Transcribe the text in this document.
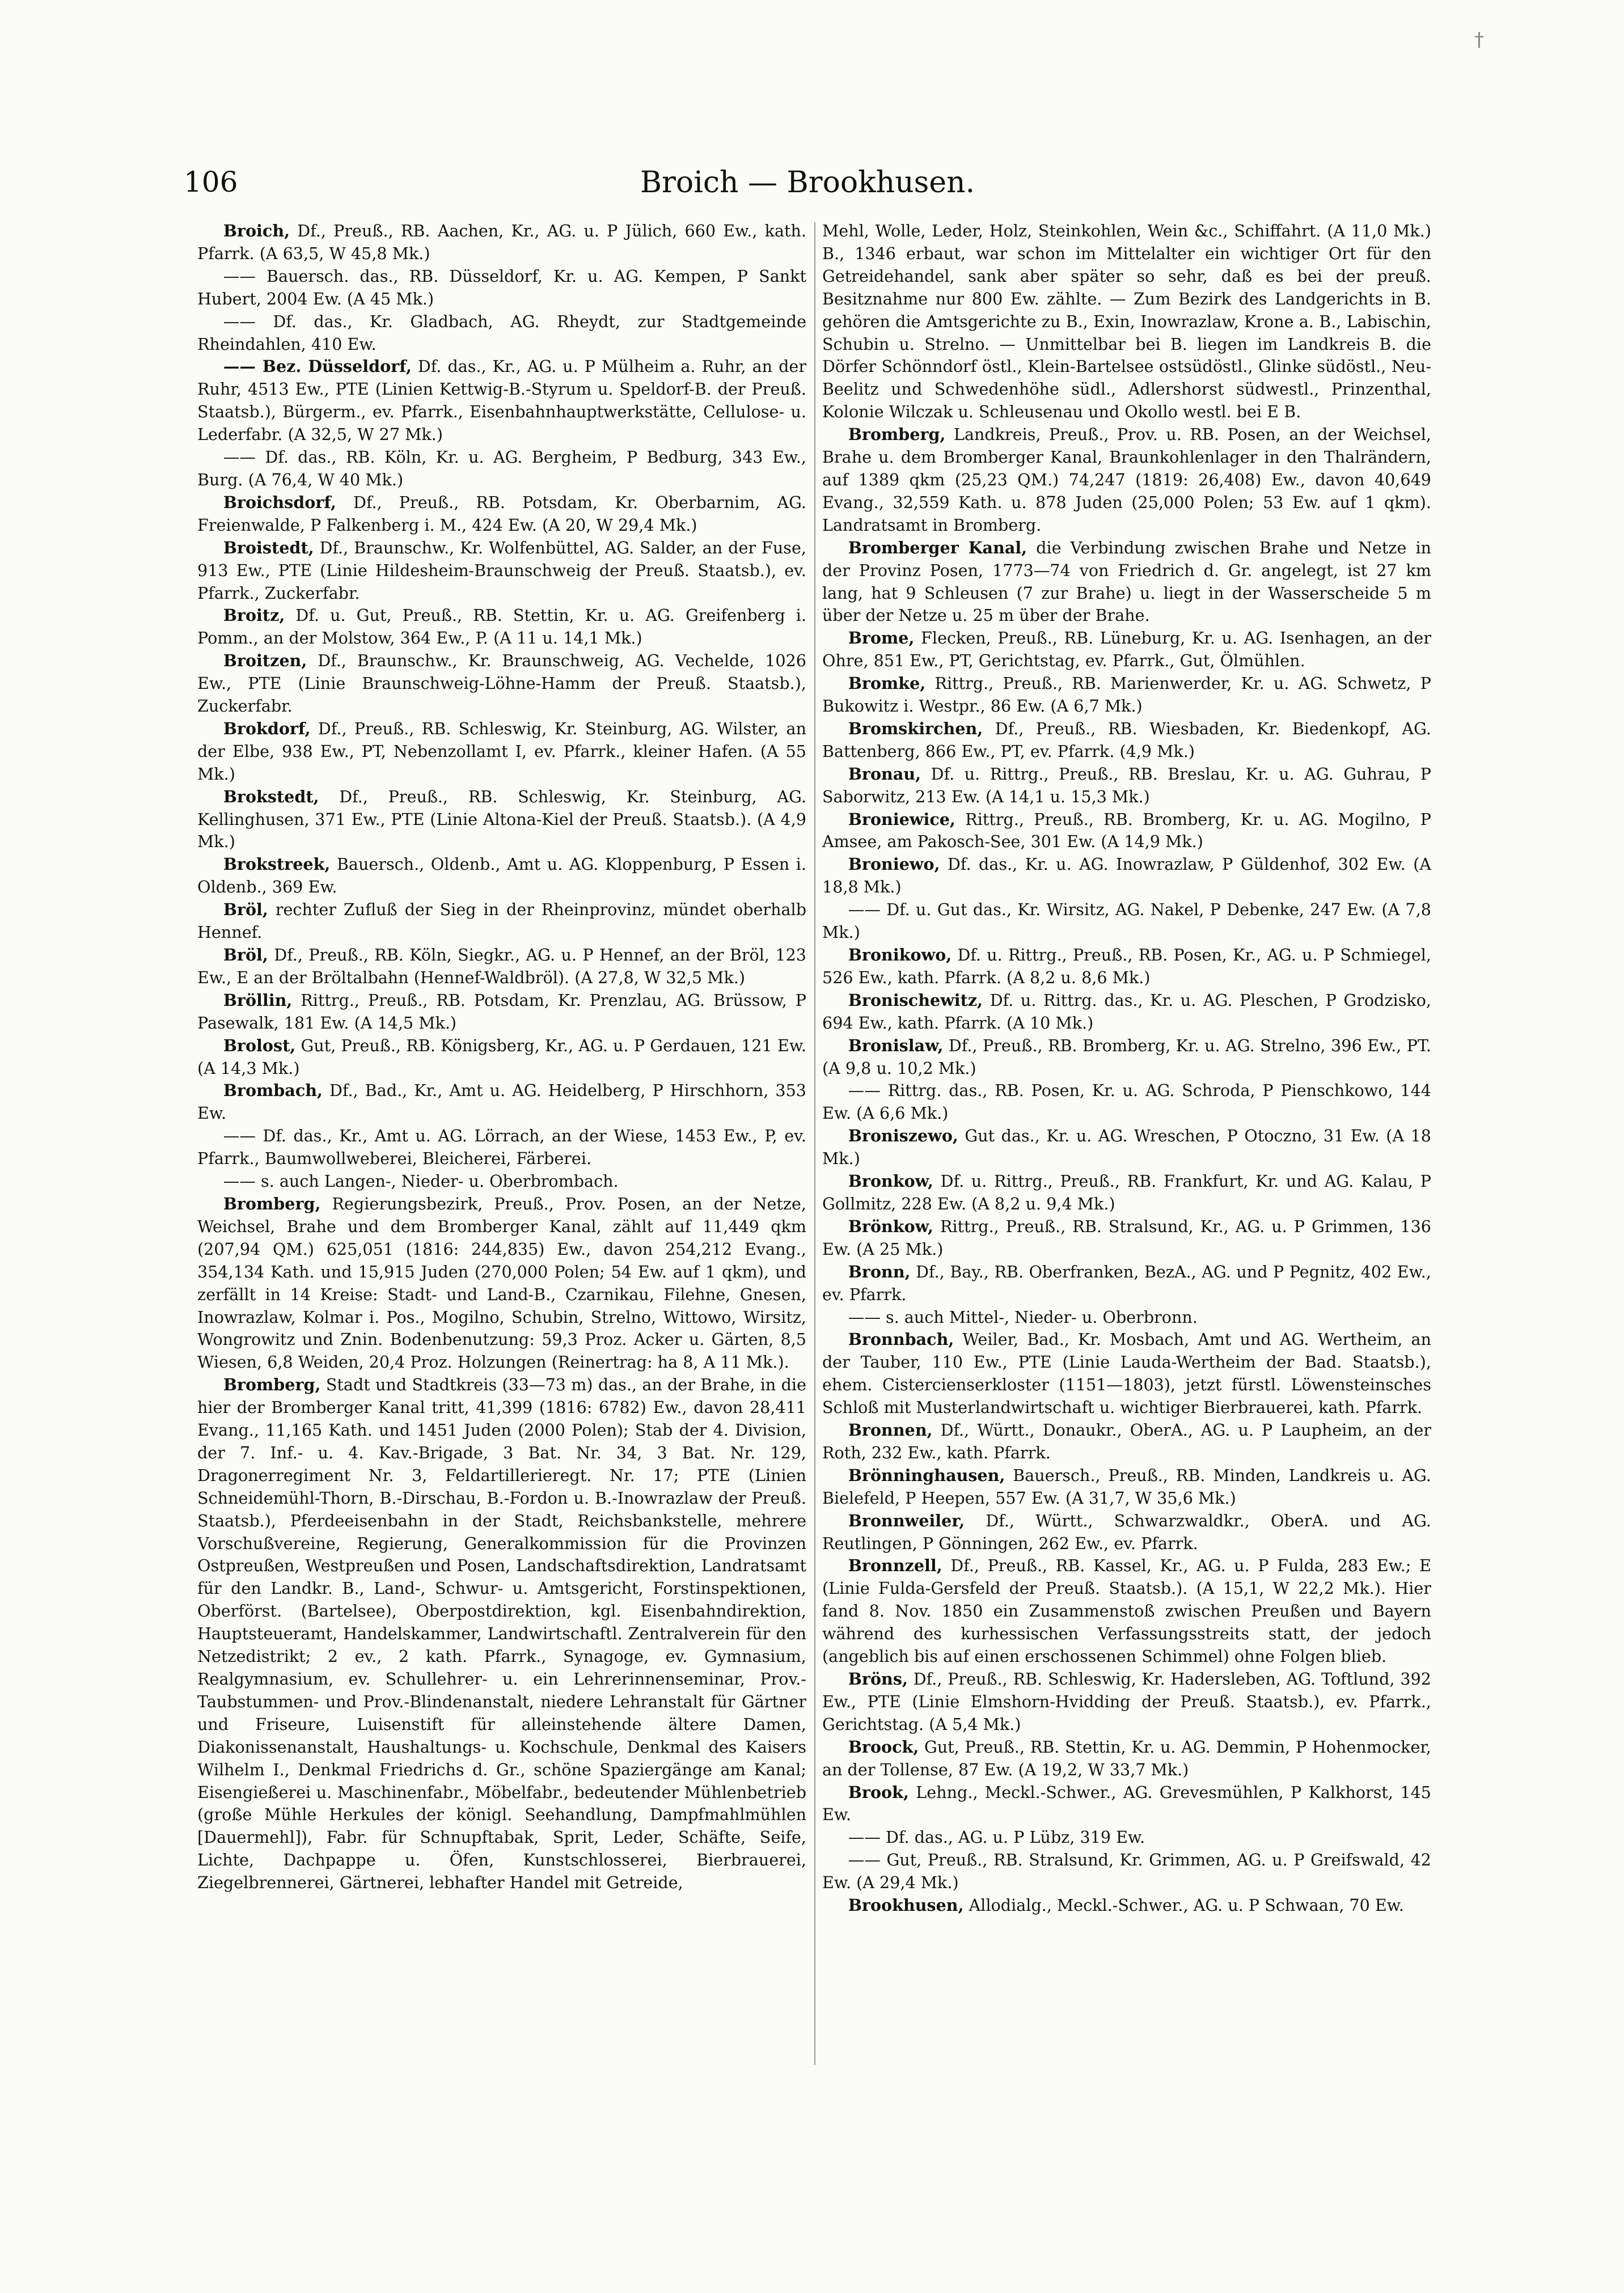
†
106	Broich — Brookhusen.

Broich, Df., Preuß., RB. Aachen, Kr., AG. u. P Jülich, 660 Ew., kath. Pfarrk. (A 63,5, W 45,8 Mk.)

—— Bauersch. das., RB. Düsseldorf, Kr. u. AG. Kempen, P Sankt Hubert, 2004 Ew. (A 45 Mk.)

—— Df. das., Kr. Gladbach, AG. Rheydt, zur Stadtgemeinde Rheindahlen, 410 Ew.

—— Bez. Düsseldorf, Df. das., Kr., AG. u. P Mülheim a. Ruhr, an der Ruhr, 4513 Ew., PTE (Linien Kettwig-B.-Styrum u. Speldorf-B. der Preuß. Staatsb.), Bürgerm., ev. Pfarrk., Eisenbahnhauptwerkstätte, Cellulose- u. Lederfabr. (A 32,5, W 27 Mk.)

—— Df. das., RB. Köln, Kr. u. AG. Bergheim, P Bedburg, 343 Ew., Burg. (A 76,4, W 40 Mk.)

Broichsdorf, Df., Preuß., RB. Potsdam, Kr. Oberbarnim, AG. Freienwalde, P Falkenberg i. M., 424 Ew. (A 20, W 29,4 Mk.)

Broistedt, Df., Braunschw., Kr. Wolfenbüttel, AG. Salder, an der Fuse, 913 Ew., PTE (Linie Hildesheim-Braunschweig der Preuß. Staatsb.), ev. Pfarrk., Zuckerfabr.

Broitz, Df. u. Gut, Preuß., RB. Stettin, Kr. u. AG. Greifenberg i. Pomm., an der Molstow, 364 Ew., P. (A 11 u. 14,1 Mk.)

Broitzen, Df., Braunschw., Kr. Braunschweig, AG. Vechelde, 1026 Ew., PTE (Linie Braunschweig-Löhne-Hamm der Preuß. Staatsb.), Zuckerfabr.

Brokdorf, Df., Preuß., RB. Schleswig, Kr. Steinburg, AG. Wilster, an der Elbe, 938 Ew., PT, Nebenzollamt I, ev. Pfarrk., kleiner Hafen. (A 55 Mk.)

Brokstedt, Df., Preuß., RB. Schleswig, Kr. Steinburg, AG. Kellinghusen, 371 Ew., PTE (Linie Altona-Kiel der Preuß. Staatsb.). (A 4,9 Mk.)

Brokstreek, Bauersch., Oldenb., Amt u. AG. Kloppenburg, P Essen i. Oldenb., 369 Ew.

Bröl, rechter Zufluß der Sieg in der Rheinprovinz, mündet oberhalb Hennef.

Bröl, Df., Preuß., RB. Köln, Siegkr., AG. u. P Hennef, an der Bröl, 123 Ew., E an der Bröltalbahn (Hennef-Waldbröl). (A 27,8, W 32,5 Mk.)

Bröllin, Rittrg., Preuß., RB. Potsdam, Kr. Prenzlau, AG. Brüssow, P Pasewalk, 181 Ew. (A 14,5 Mk.)

Brolost, Gut, Preuß., RB. Königsberg, Kr., AG. u. P Gerdauen, 121 Ew. (A 14,3 Mk.)

Brombach, Df., Bad., Kr., Amt u. AG. Heidelberg, P Hirschhorn, 353 Ew.

—— Df. das., Kr., Amt u. AG. Lörrach, an der Wiese, 1453 Ew., P, ev. Pfarrk., Baumwollweberei, Bleicherei, Färberei.

—— s. auch Langen-, Nieder- u. Oberbrombach.

Bromberg, Regierungsbezirk, Preuß., Prov. Posen, an der Netze, Weichsel, Brahe und dem Bromberger Kanal, zählt auf 11,449 qkm (207,94 QM.) 625,051 (1816: 244,835) Ew., davon 254,212 Evang., 354,134 Kath. und 15,915 Juden (270,000 Polen; 54 Ew. auf 1 qkm), und zerfällt in 14 Kreise: Stadt- und Land-B., Czarnikau, Filehne, Gnesen, Inowrazlaw, Kolmar i. Pos., Mogilno, Schubin, Strelno, Wittowo, Wirsitz, Wongrowitz und Znin. Bodenbenutzung: 59,3 Proz. Acker u. Gärten, 8,5 Wiesen, 6,8 Weiden, 20,4 Proz. Holzungen (Reinertrag: ha 8, A 11 Mk.).

Bromberg, Stadt und Stadtkreis (33—73 m) das., an der Brahe, in die hier der Bromberger Kanal tritt, 41,399 (1816: 6782) Ew., davon 28,411 Evang., 11,165 Kath. und 1451 Juden (2000 Polen); Stab der 4. Division, der 7. Inf.- u. 4. Kav.-Brigade, 3 Bat. Nr. 34, 3 Bat. Nr. 129, Dragonerregiment Nr. 3, Feldartillerieregt. Nr. 17; PTE (Linien Schneidemühl-Thorn, B.-Dirschau, B.-Fordon u. B.-Inowrazlaw der Preuß. Staatsb.), Pferdeeisenbahn in der Stadt, Reichsbankstelle, mehrere Vorschußvereine, Regierung, Generalkommission für die Provinzen Ostpreußen, Westpreußen und Posen, Landschaftsdirektion, Landratsamt für den Landkr. B., Land-, Schwur- u. Amtsgericht, Forstinspektionen, Oberförst. (Bartelsee), Oberpostdirektion, kgl. Eisenbahndirektion, Hauptsteueramt, Handelskammer, Landwirtschaftl. Zentralverein für den Netzedistrikt; 2 ev., 2 kath. Pfarrk., Synagoge, ev. Gymnasium, Realgymnasium, ev. Schullehrer- u. ein Lehrerinnenseminar, Prov.-Taubstummen- und Prov.-Blindenanstalt, niedere Lehranstalt für Gärtner und Friseure, Luisenstift für alleinstehende ältere Damen, Diakonissenanstalt, Haushaltungs- u. Kochschule, Denkmal des Kaisers Wilhelm I., Denkmal Friedrichs d. Gr., schöne Spaziergänge am Kanal; Eisengießerei u. Maschinenfabr., Möbelfabr., bedeutender Mühlenbetrieb (große Mühle Herkules der königl. Seehandlung, Dampfmahlmühlen [Dauermehl]), Fabr. für Schnupftabak, Sprit, Leder, Schäfte, Seife, Lichte, Dachpappe u. Öfen, Kunstschlosserei, Bierbrauerei, Ziegelbrennerei, Gärtnerei, lebhafter Handel mit Getreide,

Mehl, Wolle, Leder, Holz, Steinkohlen, Wein &c., Schiffahrt. (A 11,0 Mk.) B., 1346 erbaut, war schon im Mittelalter ein wichtiger Ort für den Getreidehandel, sank aber später so sehr, daß es bei der preuß. Besitznahme nur 800 Ew. zählte. — Zum Bezirk des Landgerichts in B. gehören die Amtsgerichte zu B., Exin, Inowrazlaw, Krone a. B., Labischin, Schubin u. Strelno. — Unmittelbar bei B. liegen im Landkreis B. die Dörfer Schönndorf östl., Klein-Bartelsee ostsüdöstl., Glinke südöstl., Neu-Beelitz und Schwedenhöhe südl., Adlershorst südwestl., Prinzenthal, Kolonie Wilczak u. Schleusenau und Okollo westl. bei E B.

Bromberg, Landkreis, Preuß., Prov. u. RB. Posen, an der Weichsel, Brahe u. dem Bromberger Kanal, Braunkohlenlager in den Thalrändern, auf 1389 qkm (25,23 QM.) 74,247 (1819: 26,408) Ew., davon 40,649 Evang., 32,559 Kath. u. 878 Juden (25,000 Polen; 53 Ew. auf 1 qkm). Landratsamt in Bromberg.

Bromberger Kanal, die Verbindung zwischen Brahe und Netze in der Provinz Posen, 1773—74 von Friedrich d. Gr. angelegt, ist 27 km lang, hat 9 Schleusen (7 zur Brahe) u. liegt in der Wasserscheide 5 m über der Netze u. 25 m über der Brahe.

Brome, Flecken, Preuß., RB. Lüneburg, Kr. u. AG. Isenhagen, an der Ohre, 851 Ew., PT, Gerichtstag, ev. Pfarrk., Gut, Ölmühlen.

Bromke, Rittrg., Preuß., RB. Marienwerder, Kr. u. AG. Schwetz, P Bukowitz i. Westpr., 86 Ew. (A 6,7 Mk.)

Bromskirchen, Df., Preuß., RB. Wiesbaden, Kr. Biedenkopf, AG. Battenberg, 866 Ew., PT, ev. Pfarrk. (4,9 Mk.)

Bronau, Df. u. Rittrg., Preuß., RB. Breslau, Kr. u. AG. Guhrau, P Saborwitz, 213 Ew. (A 14,1 u. 15,3 Mk.)

Broniewice, Rittrg., Preuß., RB. Bromberg, Kr. u. AG. Mogilno, P Amsee, am Pakosch-See, 301 Ew. (A 14,9 Mk.)

Broniewo, Df. das., Kr. u. AG. Inowrazlaw, P Güldenhof, 302 Ew. (A 18,8 Mk.)

—— Df. u. Gut das., Kr. Wirsitz, AG. Nakel, P Debenke, 247 Ew. (A 7,8 Mk.)

Bronikowo, Df. u. Rittrg., Preuß., RB. Posen, Kr., AG. u. P Schmiegel, 526 Ew., kath. Pfarrk. (A 8,2 u. 8,6 Mk.)

Bronischewitz, Df. u. Rittrg. das., Kr. u. AG. Pleschen, P Grodzisko, 694 Ew., kath. Pfarrk. (A 10 Mk.)

Bronislaw, Df., Preuß., RB. Bromberg, Kr. u. AG. Strelno, 396 Ew., PT. (A 9,8 u. 10,2 Mk.)

—— Rittrg. das., RB. Posen, Kr. u. AG. Schroda, P Pienschkowo, 144 Ew. (A 6,6 Mk.)

Broniszewo, Gut das., Kr. u. AG. Wreschen, P Otoczno, 31 Ew. (A 18 Mk.)

Bronkow, Df. u. Rittrg., Preuß., RB. Frankfurt, Kr. und AG. Kalau, P Gollmitz, 228 Ew. (A 8,2 u. 9,4 Mk.)

Brönkow, Rittrg., Preuß., RB. Stralsund, Kr., AG. u. P Grimmen, 136 Ew. (A 25 Mk.)

Bronn, Df., Bay., RB. Oberfranken, BezA., AG. und P Pegnitz, 402 Ew., ev. Pfarrk.

—— s. auch Mittel-, Nieder- u. Oberbronn.

Bronnbach, Weiler, Bad., Kr. Mosbach, Amt und AG. Wertheim, an der Tauber, 110 Ew., PTE (Linie Lauda-Wertheim der Bad. Staatsb.), ehem. Cistercienserkloster (1151—1803), jetzt fürstl. Löwensteinsches Schloß mit Musterlandwirtschaft u. wichtiger Bierbrauerei, kath. Pfarrk.

Bronnen, Df., Württ., Donaukr., OberA., AG. u. P Laupheim, an der Roth, 232 Ew., kath. Pfarrk.

Brönninghausen, Bauersch., Preuß., RB. Minden, Landkreis u. AG. Bielefeld, P Heepen, 557 Ew. (A 31,7, W 35,6 Mk.)

Bronnweiler, Df., Württ., Schwarzwaldkr., OberA. und AG. Reutlingen, P Gönningen, 262 Ew., ev. Pfarrk.

Bronnzell, Df., Preuß., RB. Kassel, Kr., AG. u. P Fulda, 283 Ew.; E (Linie Fulda-Gersfeld der Preuß. Staatsb.). (A 15,1, W 22,2 Mk.). Hier fand 8. Nov. 1850 ein Zusammenstoß zwischen Preußen und Bayern während des kurhessischen Verfassungsstreits statt, der jedoch (angeblich bis auf einen erschossenen Schimmel) ohne Folgen blieb.

Bröns, Df., Preuß., RB. Schleswig, Kr. Hadersleben, AG. Toftlund, 392 Ew., PTE (Linie Elmshorn-Hvidding der Preuß. Staatsb.), ev. Pfarrk., Gerichtstag. (A 5,4 Mk.)

Broock, Gut, Preuß., RB. Stettin, Kr. u. AG. Demmin, P Hohenmocker, an der Tollense, 87 Ew. (A 19,2, W 33,7 Mk.)

Brook, Lehng., Meckl.-Schwer., AG. Grevesmühlen, P Kalkhorst, 145 Ew.

—— Df. das., AG. u. P Lübz, 319 Ew.

—— Gut, Preuß., RB. Stralsund, Kr. Grimmen, AG. u. P Greifswald, 42 Ew. (A 29,4 Mk.)

Brookhusen, Allodialg., Meckl.-Schwer., AG. u. P Schwaan, 70 Ew.
